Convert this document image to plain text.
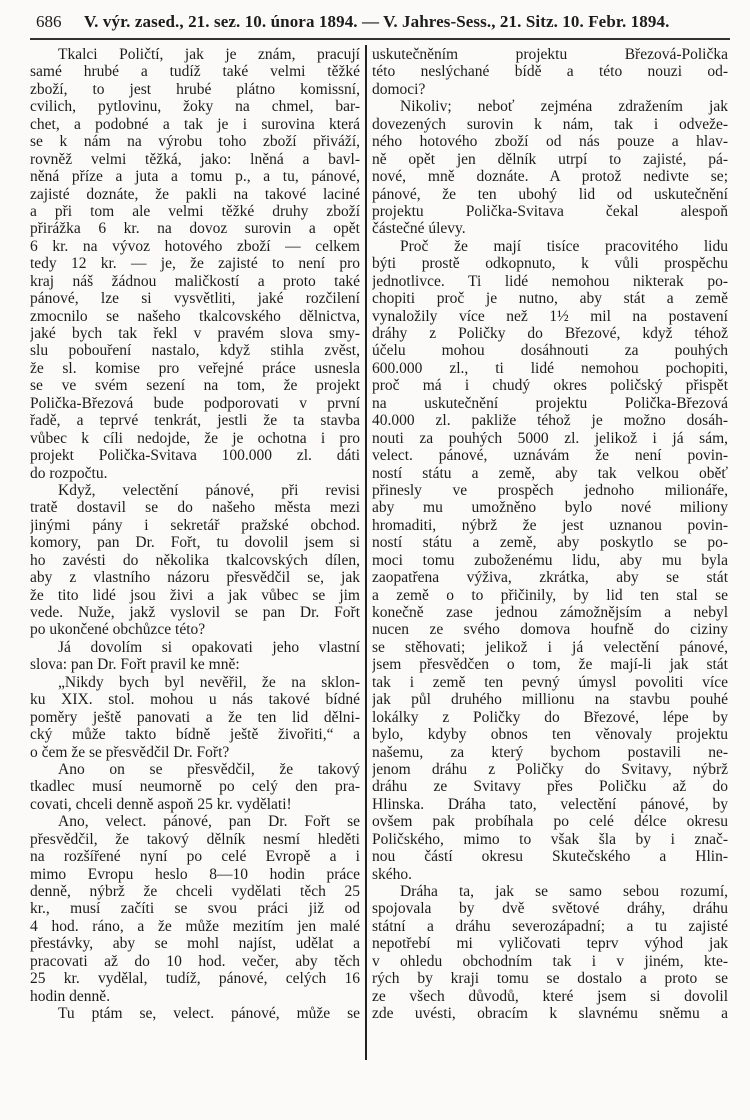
686 V. výr. zased., 21. sez. 10. února 1894. — V. Jahres-Sess., 21. Sitz. 10. Febr. 1894.
Tkalci Poličtí, jak je znám, pracují
samé hrubé a tudíž také velmi těžké
zboží, to jest hrubé plátno komissní,
cvilich, pytlovinu, žoky na chmel, bar-
chet, a podobné a tak je i surovina která
se k nám na výrobu toho zboží přiváží,
rovněž velmi těžká, jako: lněná a bavl-
něná příze a juta a tomu p., a tu, pánové,
zajisté doznáte, že pakli na takové laciné
a při tom ale velmi těžké druhy zboží
přirážka 6 kr. na dovoz surovin a opět
6 kr. na vývoz hotového zboží — celkem
tedy 12 kr. — je, že zajisté to není pro
kraj náš žádnou maličkostí a proto také
pánové, lze si vysvětliti, jaké rozčilení
zmocnilo se našeho tkalcovského dělnictva,
jaké bych tak řekl v pravém slova smy-
slu pobouření nastalo, když stihla zvěst,
že sl. komise pro veřejné práce usnesla
se ve svém sezení na tom, že projekt
Polička-Březová bude podporovati v první
řadě, a teprvé tenkrát, jestli že ta stavba
vůbec k cíli nedojde, že je ochotna i pro
projekt Polička-Svitava 100.000 zl. dáti
do rozpočtu.
Když, velectění pánové, při revisi
tratě dostavil se do našeho města mezi
jinými pány i sekretář pražské obchod.
komory, pan Dr. Fořt, tu dovolil jsem si
ho zavésti do několika tkalcovských dílen,
aby z vlastního názoru přesvědčil se, jak
že tito lidé jsou živi a jak vůbec se jim
vede. Nuže, jakž vyslovil se pan Dr. Fořt
po ukončené obchůzce této?
Já dovolím si opakovati jeho vlastní
slova: pan Dr. Fořt pravil ke mně:
„Nikdy bych byl nevěřil, že na sklon-
ku XIX. stol. mohou u nás takové bídné
poměry ještě panovati a že ten lid dělni-
cký může takto bídně ještě živořiti,“ a
o čem že se přesvědčil Dr. Fořt?
Ano on se přesvědčil, že takový
tkadlec musí neumorně po celý den pra-
covati, chceli denně aspoň 25 kr. vydělati!
Ano, velect. pánové, pan Dr. Fořt se
přesvědčil, že takový dělník nesmí hleděti
na rozšířené nyní po celé Evropě a i
mimo Evropu heslo 8—10 hodin práce
denně, nýbrž že chceli vydělati těch 25
kr., musí začíti se svou práci již od
4 hod. ráno, a že může mezitím jen malé
přestávky, aby se mohl najíst, udělat a
pracovati až do 10 hod. večer, aby těch
25 kr. vydělal, tudíž, pánové, celých 16
hodin denně.
Tu ptám se, velect. pánové, může se
uskutečněním projektu Březová-Polička
této neslýchané bídě a této nouzi od-
domoci?
Nikoliv; neboť zejména zdražením jak
dovezených surovin k nám, tak i odveže-
ného hotového zboží od nás pouze a hlav-
ně opět jen dělník utrpí to zajisté, pá-
nové, mně doznáte. A protož nedivte se;
pánové, že ten ubohý lid od uskutečnění
projektu Polička-Svitava čekal alespoň
částečné úlevy.
Proč že mají tisíce pracovitého lidu
býti prostě odkopnuto, k vůli prospěchu
jednotlivce. Ti lidé nemohou nikterak po-
chopiti proč je nutno, aby stát a země
vynaložily více než 1½ mil na postavení
dráhy z Poličky do Březové, když téhož
účelu mohou dosáhnouti za pouhých
600.000 zl., ti lidé nemohou pochopiti,
proč má i chudý okres poličský přispět
na uskutečnění projektu Polička-Březová
40.000 zl. pakliže téhož je možno dosáh-
nouti za pouhých 5000 zl. jelikož i já sám,
velect. pánové, uznávám že není povin-
ností státu a země, aby tak velkou oběť
přinesly ve prospěch jednoho milionáře,
aby mu umožněno bylo nové miliony
hromaditi, nýbrž že jest uznanou povin-
ností státu a země, aby poskytlo se po-
moci tomu zuboženému lidu, aby mu byla
zaopatřena výživa, zkrátka, aby se stát
a země o to přičinily, by lid ten stal se
konečně zase jednou zámožnějsím a nebyl
nucen ze svého domova houfně do ciziny
se stěhovati; jelikož i já velectění pánové,
jsem přesvědčen o tom, že mají-li jak stát
tak i země ten pevný úmysl povoliti více
jak půl druhého millionu na stavbu pouhé
lokálky z Poličky do Březové, lépe by
bylo, kdyby obnos ten věnovaly projektu
našemu, za který bychom postavili ne-
jenom dráhu z Poličky do Svitavy, nýbrž
dráhu ze Svitavy přes Poličku až do
Hlinska. Dráha tato, velectění pánové, by
ovšem pak probíhala po celé délce okresu
Poličského, mimo to však šla by i znač-
nou částí okresu Skutečského a Hlin-
ského.
Dráha ta, jak se samo sebou rozumí,
spojovala by dvě světové dráhy, dráhu
státní a dráhu severozápadní; a tu zajisté
nepotřebí mi vyličovati teprv výhod jak
v ohledu obchodním tak i v jiném, kte-
rých by kraji tomu se dostalo a proto se
ze všech důvodů, které jsem si dovolil
zde uvésti, obracím k slavnému sněmu a
